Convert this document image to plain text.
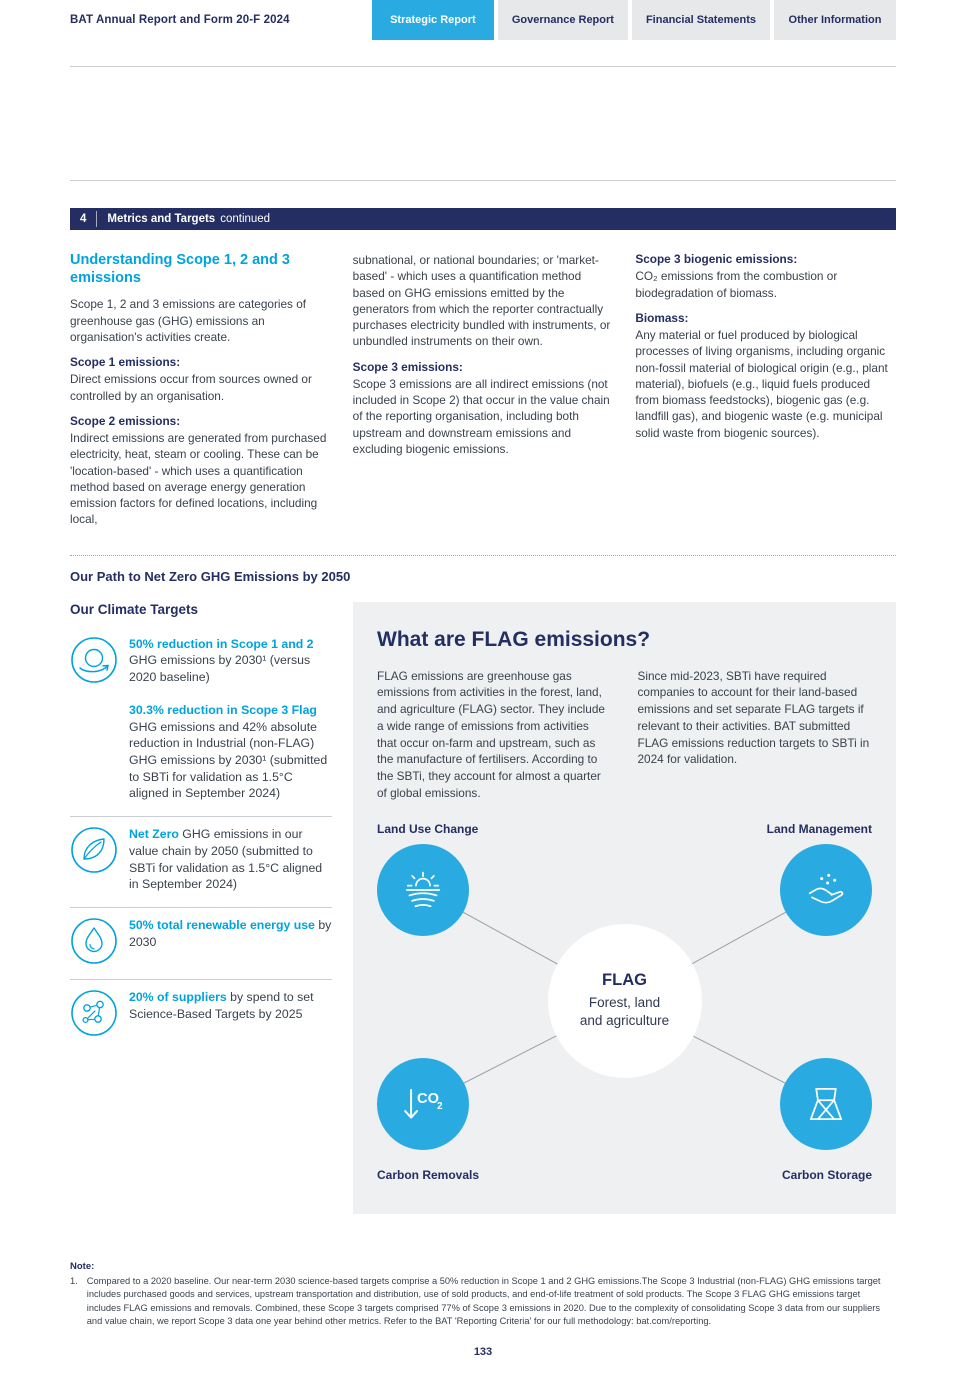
BAT Annual Report and Form 20-F 2024	Strategic Report	Governance Report	Financial Statements	Other Information
4	Metrics and Targets continued
Understanding Scope 1, 2 and 3 emissions

Scope 1, 2 and 3 emissions are categories of greenhouse gas (GHG) emissions an organisation's activities create.

Scope 1 emissions:

Direct emissions occur from sources owned or controlled by an organisation.

Scope 2 emissions:

Indirect emissions are generated from purchased electricity, heat, steam or cooling. These can be 'location-based' - which uses a quantification method based on average energy generation emission factors for defined locations, including local,

subnational, or national boundaries; or 'market-based' - which uses a quantification method based on GHG emissions emitted by the generators from which the reporter contractually purchases electricity bundled with instruments, or unbundled instruments on their own.

Scope 3 emissions:

Scope 3 emissions are all indirect emissions (not included in Scope 2) that occur in the value chain of the reporting organisation, including both upstream and downstream emissions and excluding biogenic emissions.

Scope 3 biogenic emissions:

CO₂ emissions from the combustion or biodegradation of biomass.

Biomass:

Any material or fuel produced by biological processes of living organisms, including organic non-fossil material of biological origin (e.g., plant material), biofuels (e.g., liquid fuels produced from biomass feedstocks), biogenic gas (e.g. landfill gas), and biogenic waste (e.g. municipal solid waste from biogenic sources).

Our Path to Net Zero GHG Emissions by 2050
Our Climate Targets

50% reduction in Scope 1 and 2 GHG emissions by 2030¹ (versus 2020 baseline)

30.3% reduction in Scope 3 Flag GHG emissions and 42% absolute reduction in Industrial (non-FLAG) GHG emissions by 2030¹ (submitted to SBTi for validation as 1.5°C aligned in September 2024)

Net Zero GHG emissions in our value chain by 2050 (submitted to SBTi for validation as 1.5°C aligned in September 2024)

50% total renewable energy use by 2030

20% of suppliers by spend to set Science-Based Targets by 2025

What are FLAG emissions?

FLAG emissions are greenhouse gas emissions from activities in the forest, land, and agriculture (FLAG) sector. They include a wide range of emissions from activities that occur on-farm and upstream, such as the manufacture of fertilisers. According to the SBTi, they account for almost a quarter of global emissions.

Since mid-2023, SBTi have required companies to account for their land-based emissions and set separate FLAG targets if relevant to their activities. BAT submitted FLAG emissions reduction targets to SBTi in 2024 for validation.

Land Use Change	Land Management
Carbon Removals	Carbon Storage
CO
2
FLAG
Forest, land
and agriculture
Note:
1. Compared to a 2020 baseline. Our near-term 2030 science-based targets comprise a 50% reduction in Scope 1 and 2 GHG emissions.The Scope 3 Industrial (non-FLAG) GHG emissions target includes purchased goods and services, upstream transportation and distribution, use of sold products, and end-of-life treatment of sold products. The Scope 3 FLAG GHG emissions target includes FLAG emissions and removals. Combined, these Scope 3 targets comprised 77% of Scope 3 emissions in 2020. Due to the complexity of consolidating Scope 3 data from our suppliers and value chain, we report Scope 3 data one year behind other metrics. Refer to the BAT 'Reporting Criteria' for our full methodology: bat.com/reporting.
133
